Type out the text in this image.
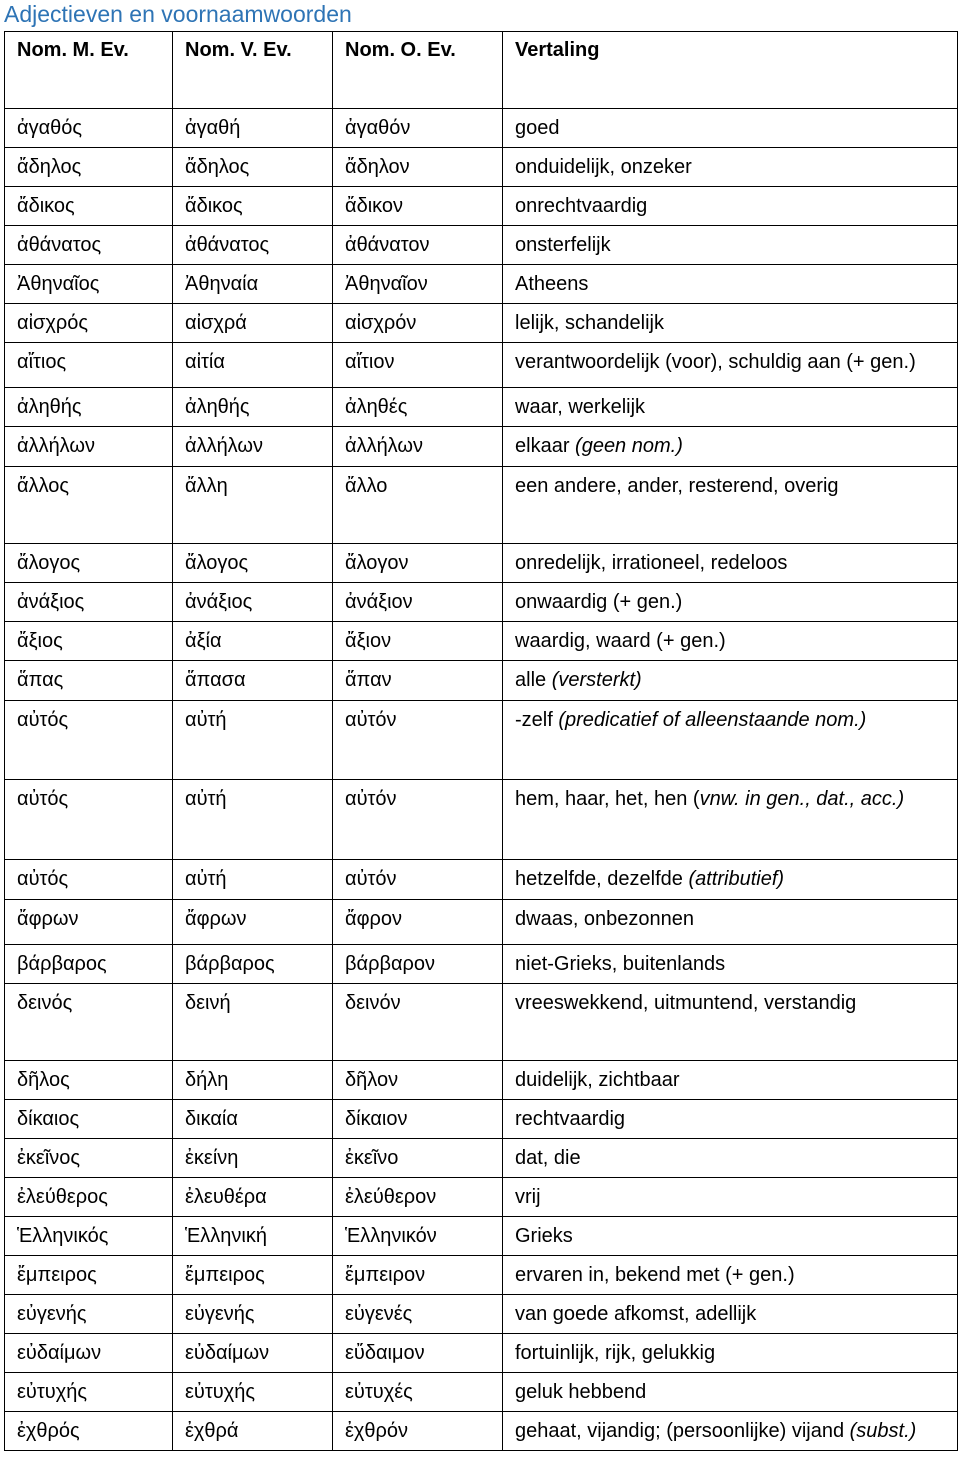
Adjectieven en voornaamwoorden
Nom. M. Ev.	Nom. V. Ev.	Nom. O. Ev.	Vertaling
ἀγαθός	ἀγαθή	ἀγαθόν	goed
ἄδηλος	ἄδηλος	ἄδηλον	onduidelijk, onzeker
ἄδικος	ἄδικος	ἄδικον	onrechtvaardig
ἀθάνατος	ἀθάνατος	ἀθάνατον	onsterfelijk
Ἀθηναῖος	Ἀθηναία	Ἀθηναῖον	Atheens
αἰσχρός	αἰσχρά	αἰσχρόν	lelijk, schandelijk
αἴτιος	αἰτία	αἴτιον	verantwoordelijk (voor), schuldig aan (+ gen.)
ἀληθής	ἀληθής	ἀληθές	waar, werkelijk
ἀλλήλων	ἀλλήλων	ἀλλήλων	elkaar (geen nom.)
ἄλλος	ἄλλη	ἄλλο	een andere, ander, resterend, overig
ἄλογος	ἄλογος	ἄλογον	onredelijk, irrationeel, redeloos
ἀνάξιος	ἀνάξιος	ἀνάξιον	onwaardig (+ gen.)
ἄξιος	ἀξία	ἄξιον	waardig, waard (+ gen.)
ἅπας	ἅπασα	ἅπαν	alle (versterkt)
αὐτός	αὐτή	αὐτόν	-zelf (predicatief of alleenstaande nom.)
αὐτός	αὐτή	αὐτόν	hem, haar, het, hen (vnw. in gen., dat., acc.)
αὐτός	αὐτή	αὐτόν	hetzelfde, dezelfde (attributief)
ἄφρων	ἄφρων	ἄφρον	dwaas, onbezonnen
βάρβαρος	βάρβαρος	βάρβαρον	niet-Grieks, buitenlands
δεινός	δεινή	δεινόν	vreeswekkend, uitmuntend, verstandig
δῆλος	δήλη	δῆλον	duidelijk, zichtbaar
δίκαιος	δικαία	δίκαιον	rechtvaardig
ἐκεῖνος	ἐκείνη	ἐκεῖνο	dat, die
ἐλεύθερος	ἐλευθέρα	ἐλεύθερον	vrij
Ἑλληνικός	Ἑλληνική	Ἑλληνικόν	Grieks
ἔμπειρος	ἔμπειρος	ἔμπειρον	ervaren in, bekend met (+ gen.)
εὐγενής	εὐγενής	εὐγενές	van goede afkomst, adellijk
εὐδαίμων	εὐδαίμων	εὔδαιμον	fortuinlijk, rijk, gelukkig
εὐτυχής	εὐτυχής	εὐτυχές	geluk hebbend
ἐχθρός	ἐχθρά	ἐχθρόν	gehaat, vijandig; (persoonlijke) vijand (subst.)
